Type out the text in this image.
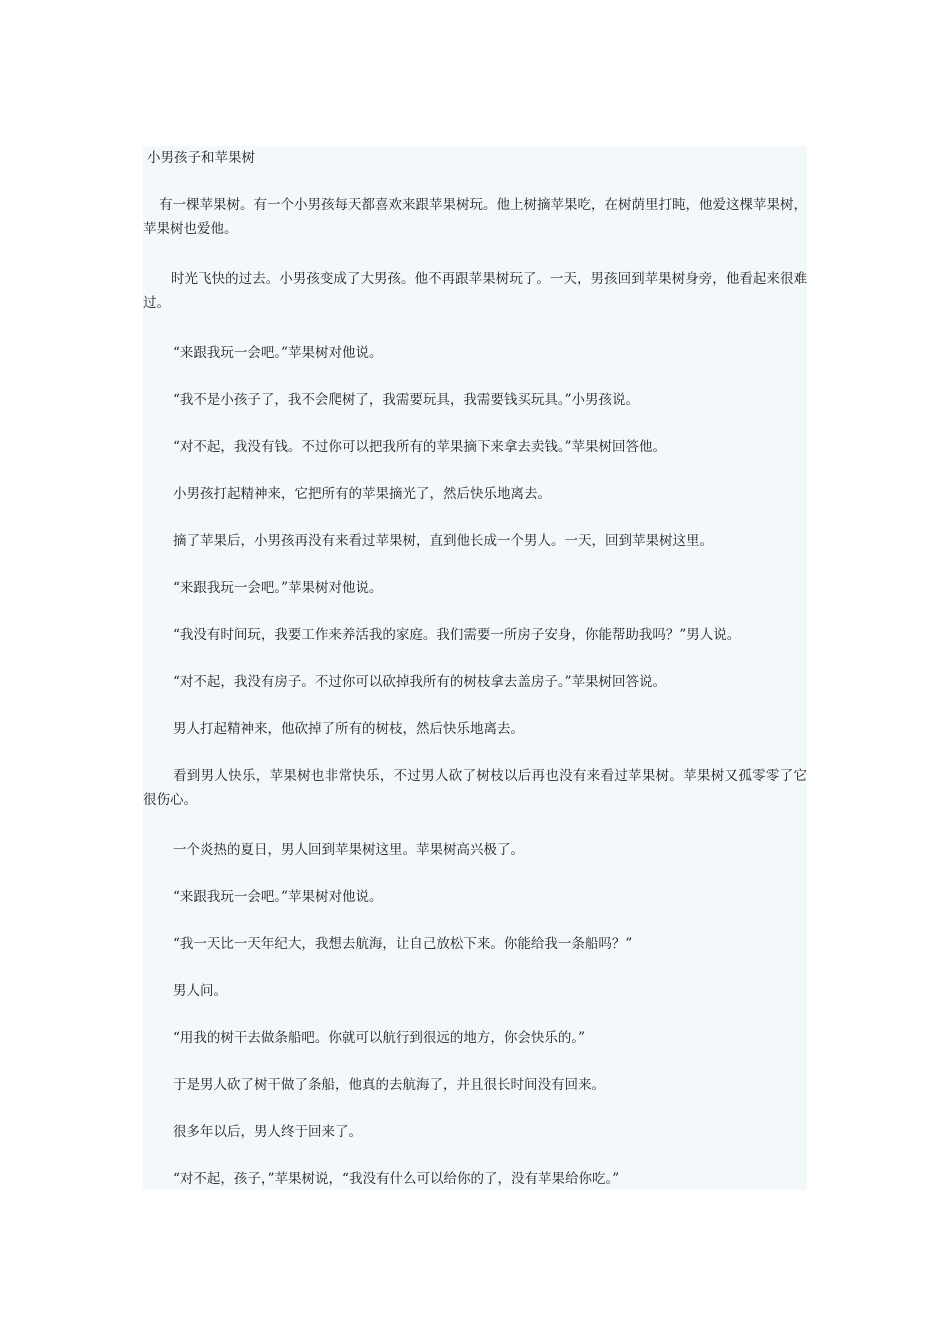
小男孩子和苹果树

有一棵苹果树。有一个小男孩每天都喜欢来跟苹果树玩。他上树摘苹果吃，在树荫里打盹，他爱这棵苹果树，苹果树也爱他。

时光飞快的过去。小男孩变成了大男孩。他不再跟苹果树玩了。一天，男孩回到苹果树身旁，他看起来很难过。

“来跟我玩一会吧。”苹果树对他说。

“我不是小孩子了，我不会爬树了，我需要玩具，我需要钱买玩具。”小男孩说。

“对不起，我没有钱。不过你可以把我所有的苹果摘下来拿去卖钱。”苹果树回答他。

小男孩打起精神来，它把所有的苹果摘光了，然后快乐地离去。

摘了苹果后，小男孩再没有来看过苹果树，直到他长成一个男人。一天，回到苹果树这里。

“来跟我玩一会吧。”苹果树对他说。

“我没有时间玩，我要工作来养活我的家庭。我们需要一所房子安身，你能帮助我吗？”男人说。

“对不起，我没有房子。不过你可以砍掉我所有的树枝拿去盖房子。”苹果树回答说。

男人打起精神来，他砍掉了所有的树枝，然后快乐地离去。

看到男人快乐，苹果树也非常快乐，不过男人砍了树枝以后再也没有来看过苹果树。苹果树又孤零零了它很伤心。

一个炎热的夏日，男人回到苹果树这里。苹果树高兴极了。

“来跟我玩一会吧。”苹果树对他说。

“我一天比一天年纪大，我想去航海，让自己放松下来。你能给我一条船吗？”

男人问。

“用我的树干去做条船吧。你就可以航行到很远的地方，你会快乐的。”

于是男人砍了树干做了条船，他真的去航海了，并且很长时间没有回来。

很多年以后，男人终于回来了。

“对不起，孩子，”苹果树说，“我没有什么可以给你的了，没有苹果给你吃。”
